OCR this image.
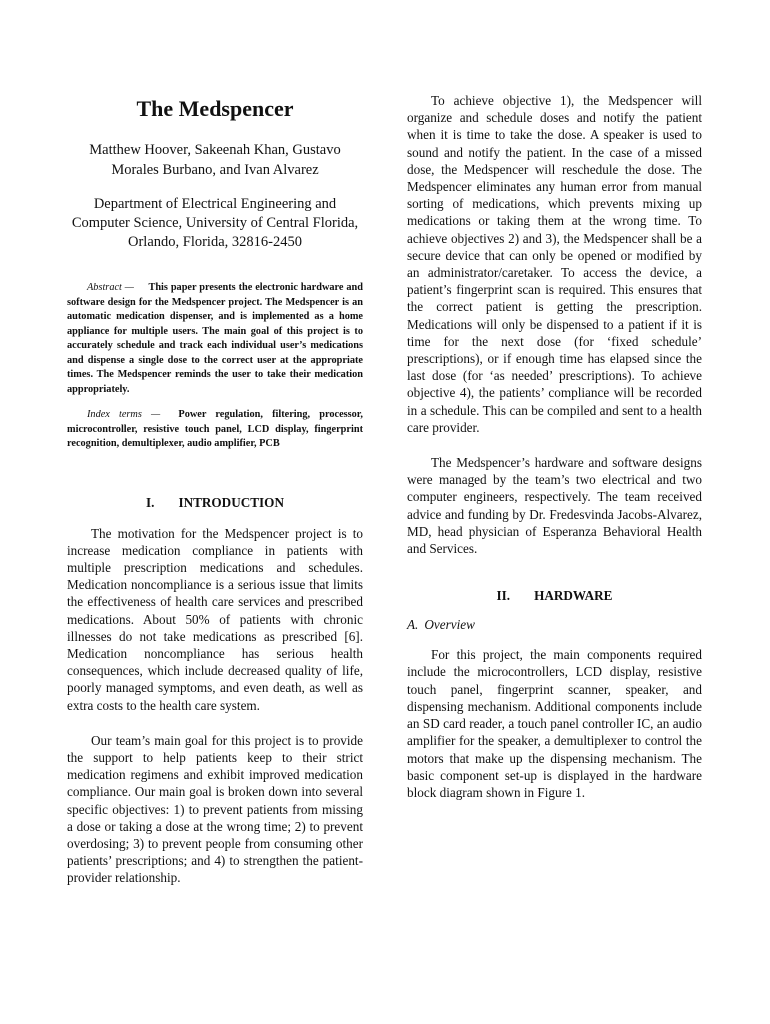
The Medspencer

Matthew Hoover, Sakeenah Khan, Gustavo Morales Burbano, and Ivan Alvarez

Department of Electrical Engineering and Computer Science, University of Central Florida, Orlando, Florida, 32816-2450

Abstract — This paper presents the electronic hardware and software design for the Medspencer project. The Medspencer is an automatic medication dispenser, and is implemented as a home appliance for multiple users. The main goal of this project is to accurately schedule and track each individual user’s medications and dispense a single dose to the correct user at the appropriate times. The Medspencer reminds the user to take their medication appropriately.

Index terms — Power regulation, filtering, processor, microcontroller, resistive touch panel, LCD display, fingerprint recognition, demultiplexer, audio amplifier, PCB

I. INTRODUCTION

The motivation for the Medspencer project is to increase medication compliance in patients with multiple prescription medications and schedules. Medication noncompliance is a serious issue that limits the effectiveness of health care services and prescribed medications. About 50% of patients with chronic illnesses do not take medications as prescribed [6]. Medication noncompliance has serious health consequences, which include decreased quality of life, poorly managed symptoms, and even death, as well as extra costs to the health care system.

Our team’s main goal for this project is to provide the support to help patients keep to their strict medication regimens and exhibit improved medication compliance. Our main goal is broken down into several specific objectives: 1) to prevent patients from missing a dose or taking a dose at the wrong time; 2) to prevent overdosing; 3) to prevent people from consuming other patients’ prescriptions; and 4) to strengthen the patient-provider relationship.

To achieve objective 1), the Medspencer will organize and schedule doses and notify the patient when it is time to take the dose. A speaker is used to sound and notify the patient. In the case of a missed dose, the Medspencer will reschedule the dose. The Medspencer eliminates any human error from manual sorting of medications, which prevents mixing up medications or taking them at the wrong time. To achieve objectives 2) and 3), the Medspencer shall be a secure device that can only be opened or modified by an administrator/caretaker. To access the device, a patient’s fingerprint scan is required. This ensures that the correct patient is getting the prescription. Medications will only be dispensed to a patient if it is time for the next dose (for ‘fixed schedule’ prescriptions), or if enough time has elapsed since the last dose (for ‘as needed’ prescriptions). To achieve objective 4), the patients’ compliance will be recorded in a schedule. This can be compiled and sent to a health care provider.

The Medspencer’s hardware and software designs were managed by the team’s two electrical and two computer engineers, respectively. The team received advice and funding by Dr. Fredesvinda Jacobs-Alvarez, MD, head physician of Esperanza Behavioral Health and Services.

II. HARDWARE

A. Overview

For this project, the main components required include the microcontrollers, LCD display, resistive touch panel, fingerprint scanner, speaker, and dispensing mechanism. Additional components include an SD card reader, a touch panel controller IC, an audio amplifier for the speaker, a demultiplexer to control the motors that make up the dispensing mechanism. The basic component set-up is displayed in the hardware block diagram shown in Figure 1.
